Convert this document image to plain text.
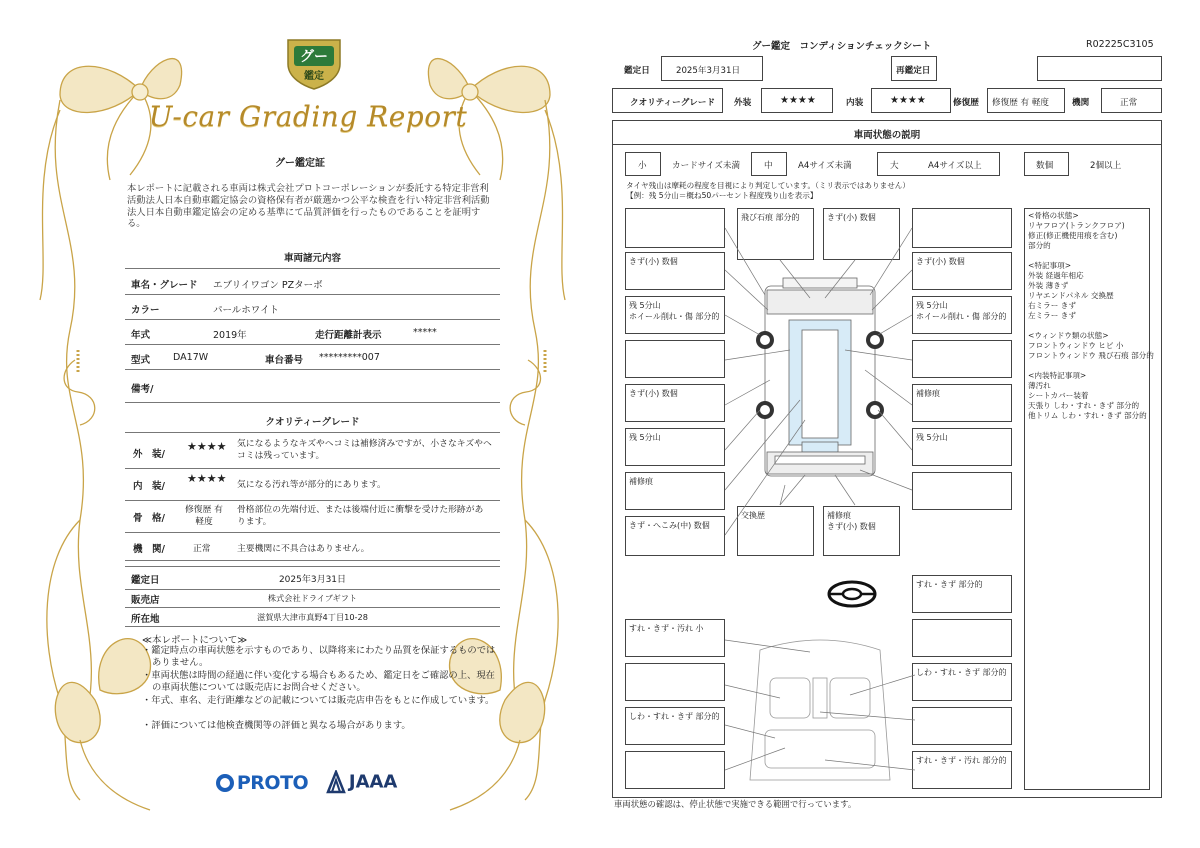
グー
鑑定
U-car Grading Report
グー鑑定証
本レポートに記載される車両は株式会社プロトコーポレーションが委託する特定非営利活動法人日本自動車鑑定協会の資格保有者が厳選かつ公平な検査を行い特定非営利活動法人日本自動車鑑定協会の定める基準にて品質評価を行ったものであることを証明する。
車両諸元内容
車名・グレード エブリイワゴン PZターボ
カラー	パールホワイト
年式	2019年	走行距離計表示	*****
型式 DA17W	車台番号 *********007
備考/
クオリティーグレード
外　装/
★★★★ 気になるようなキズやヘコミは補修済みですが、小さなキズやヘコミは残っています。
内　装/
★★★★ 気になる汚れ等が部分的にあります。
骨　格/
修復歴 有軽度
骨格部位の先端付近、または後端付近に衝撃を受けた形跡があります。
機　関/	正常	主要機関に不具合はありません。
鑑定日	2025年3月31日
販売店	株式会社ドライブギフト
所在地	滋賀県大津市真野4丁目10-28
≪本レポートについて≫
・鑑定時点の車両状態を示すものであり、以降将来にわたり品質を保証するものではありません。
・車両状態は時間の経過に伴い変化する場合もあるため、鑑定日をご確認の上、現在の車両状態については販売店にお問合せください。
・年式、車名、走行距離などの記載については販売店申告をもとに作成しています。
・評価については他検査機関等の評価と異なる場合があります。
PROTO	JAAA
グー鑑定　コンディションチェックシート	R02225C3105
鑑定日	2025年3月31日	再鑑定日
クオリティーグレード 外装	★★★★	内装	★★★★	修復歴 修復歴 有 軽度	機関	正常
車両状態の説明
小	カードサイズ未満	中	A4サイズ未満	大	A4サイズ以上	数個	2個以上
タイヤ残山は摩耗の程度を目視により判定しています。（ミリ表示ではありません）
【例：残 5分山＝概ね50パーセント程度残り山を表示】
飛び石痕 部分的	きず(小) 数個
きず(小) 数個	きず(小) 数個
残 5分山
ホイール削れ・傷 部分的
残 5分山
ホイール削れ・傷 部分的
きず(小) 数個	補修痕
残 5分山	残 5分山
補修痕
きず・へこみ(中) 数個
交換歴	補修痕
きず(小) 数個
すれ・きず 部分的
すれ・きず・汚れ 小
しわ・すれ・きず 部分的
しわ・すれ・きず 部分的
すれ・きず・汚れ 部分的
<骨格の状態>
リヤフロア(トランクフロア)
修正(修正機使用痕を含む)
部分的
<特記事項>
外装 経過年相応
外装 薄きず
リヤエンドパネル 交換歴
右ミラー きず
左ミラー きず
<ウィンドウ類の状態>
フロントウィンドウ ヒビ 小
フロントウィンドウ 飛び石痕 部分的
<内装特記事項>
薄汚れ
シートカバー装着
天張り しわ・すれ・きず 部分的
他トリム しわ・すれ・きず 部分的
車両状態の確認は、停止状態で実施できる範囲で行っています。
